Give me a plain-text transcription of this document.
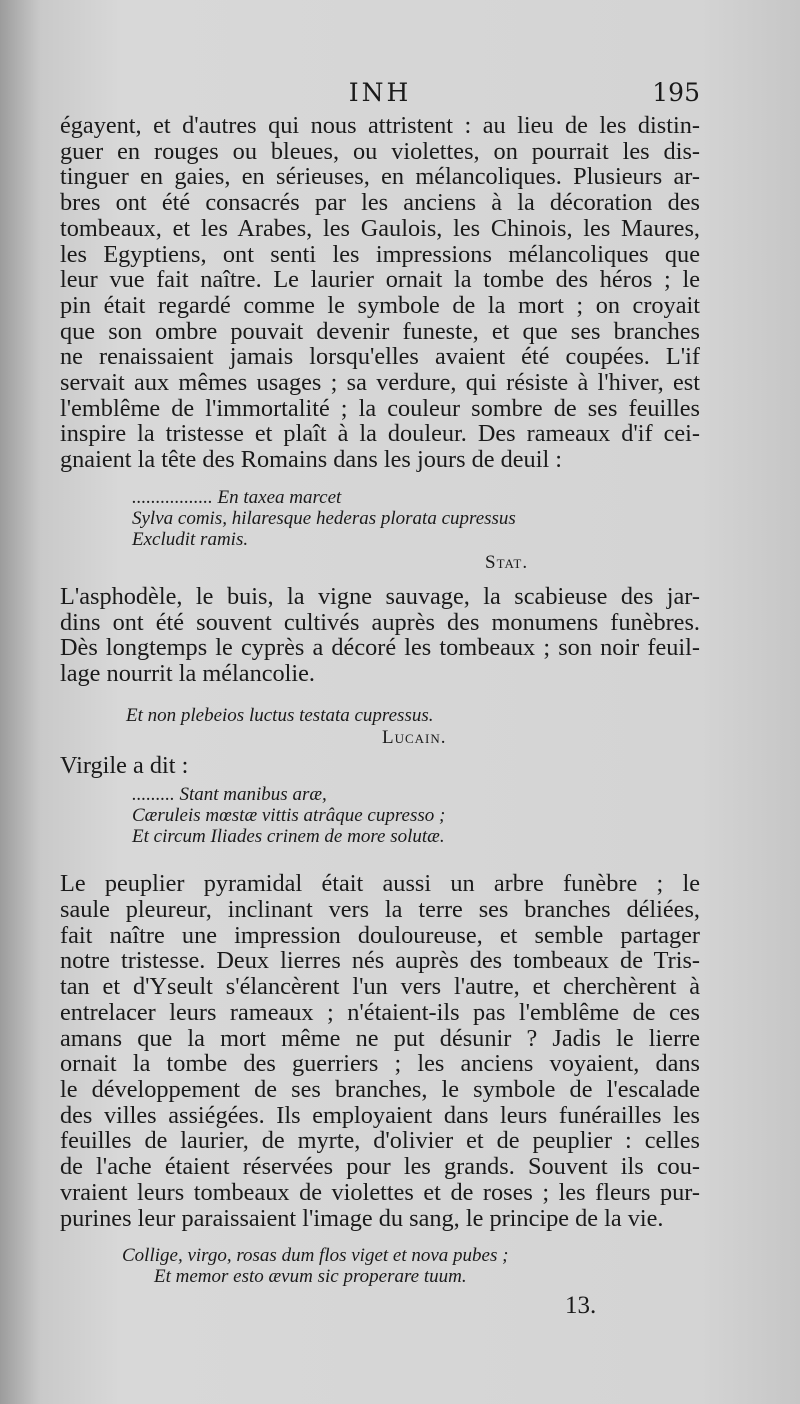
INH	195

égayent, et d'autres qui nous attristent : au lieu de les distin-
guer en rouges ou bleues, ou violettes, on pourrait les dis-
tinguer en gaies, en sérieuses, en mélancoliques. Plusieurs ar-
bres ont été consacrés par les anciens à la décoration des
tombeaux, et les Arabes, les Gaulois, les Chinois, les Maures,
les Egyptiens, ont senti les impressions mélancoliques que
leur vue fait naître. Le laurier ornait la tombe des héros ; le
pin était regardé comme le symbole de la mort ; on croyait
que son ombre pouvait devenir funeste, et que ses branches
ne renaissaient jamais lorsqu'elles avaient été coupées. L'if
servait aux mêmes usages ; sa verdure, qui résiste à l'hiver, est
l'emblême de l'immortalité ; la couleur sombre de ses feuilles
inspire la tristesse et plaît à la douleur. Des rameaux d'if cei-
gnaient la tête des Romains dans les jours de deuil :

................. En taxea marcet
Sylva comis, hilaresque hederas plorata cupressus
Excludit ramis.
Stat.

L'asphodèle, le buis, la vigne sauvage, la scabieuse des jar-
dins ont été souvent cultivés auprès des monumens funèbres.
Dès longtemps le cyprès a décoré les tombeaux ; son noir feuil-
lage nourrit la mélancolie.

Et non plebeios luctus testata cupressus.
Lucain.

Virgile a dit :

......... Stant manibus aræ,
Cæruleis mœstæ vittis atrâque cupresso ;
Et circum Iliades crinem de more solutæ.

Le peuplier pyramidal était aussi un arbre funèbre ; le
saule pleureur, inclinant vers la terre ses branches déliées,
fait naître une impression douloureuse, et semble partager
notre tristesse. Deux lierres nés auprès des tombeaux de Tris-
tan et d'Yseult s'élancèrent l'un vers l'autre, et cherchèrent à
entrelacer leurs rameaux ; n'étaient-ils pas l'emblême de ces
amans que la mort même ne put désunir ? Jadis le lierre
ornait la tombe des guerriers ; les anciens voyaient, dans
le développement de ses branches, le symbole de l'escalade
des villes assiégées. Ils employaient dans leurs funérailles les
feuilles de laurier, de myrte, d'olivier et de peuplier : celles
de l'ache étaient réservées pour les grands. Souvent ils cou-
vraient leurs tombeaux de violettes et de roses ; les fleurs pur-
purines leur paraissaient l'image du sang, le principe de la vie.

Collige, virgo, rosas dum flos viget et nova pubes ;
Et memor esto ævum sic properare tuum.
13.
